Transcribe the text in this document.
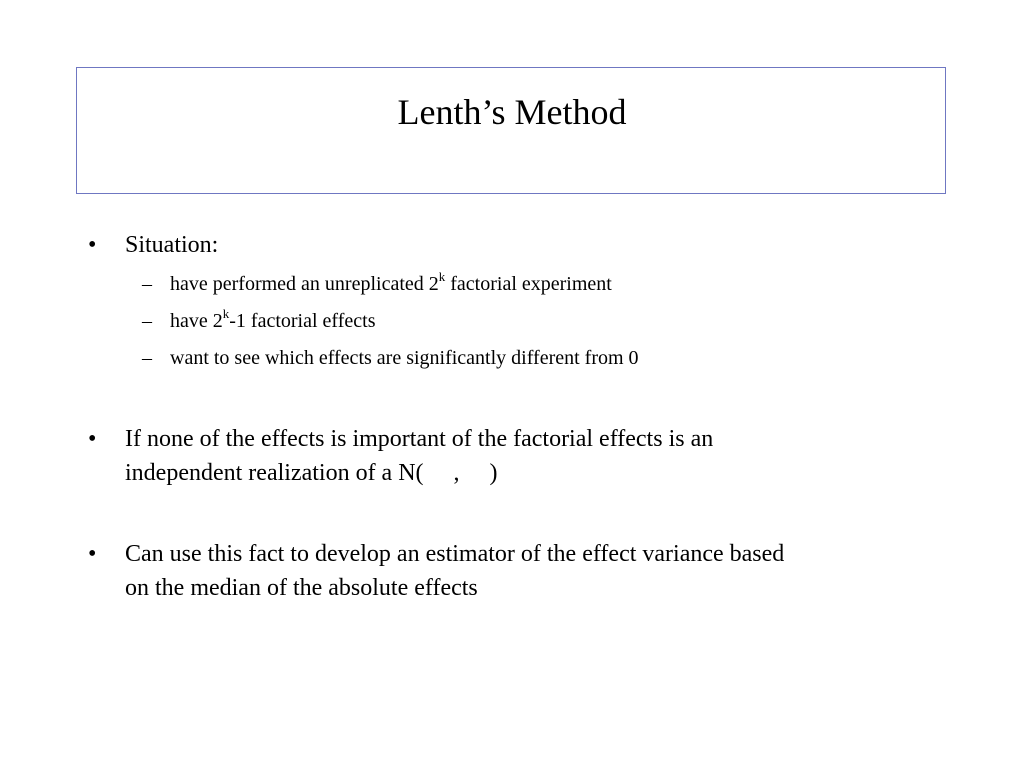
Lenth’s Method
• Situation:
– have performed an unreplicated 2$^k$ factorial experiment
– have 2$^k$-1 factorial effects
– want to see which effects are significantly different from 0
• If none of the effects is important of the factorial effects is an
independent realization of a N(     ,     )
• Can use this fact to develop an estimator of the effect variance based
on the median of the absolute effects
